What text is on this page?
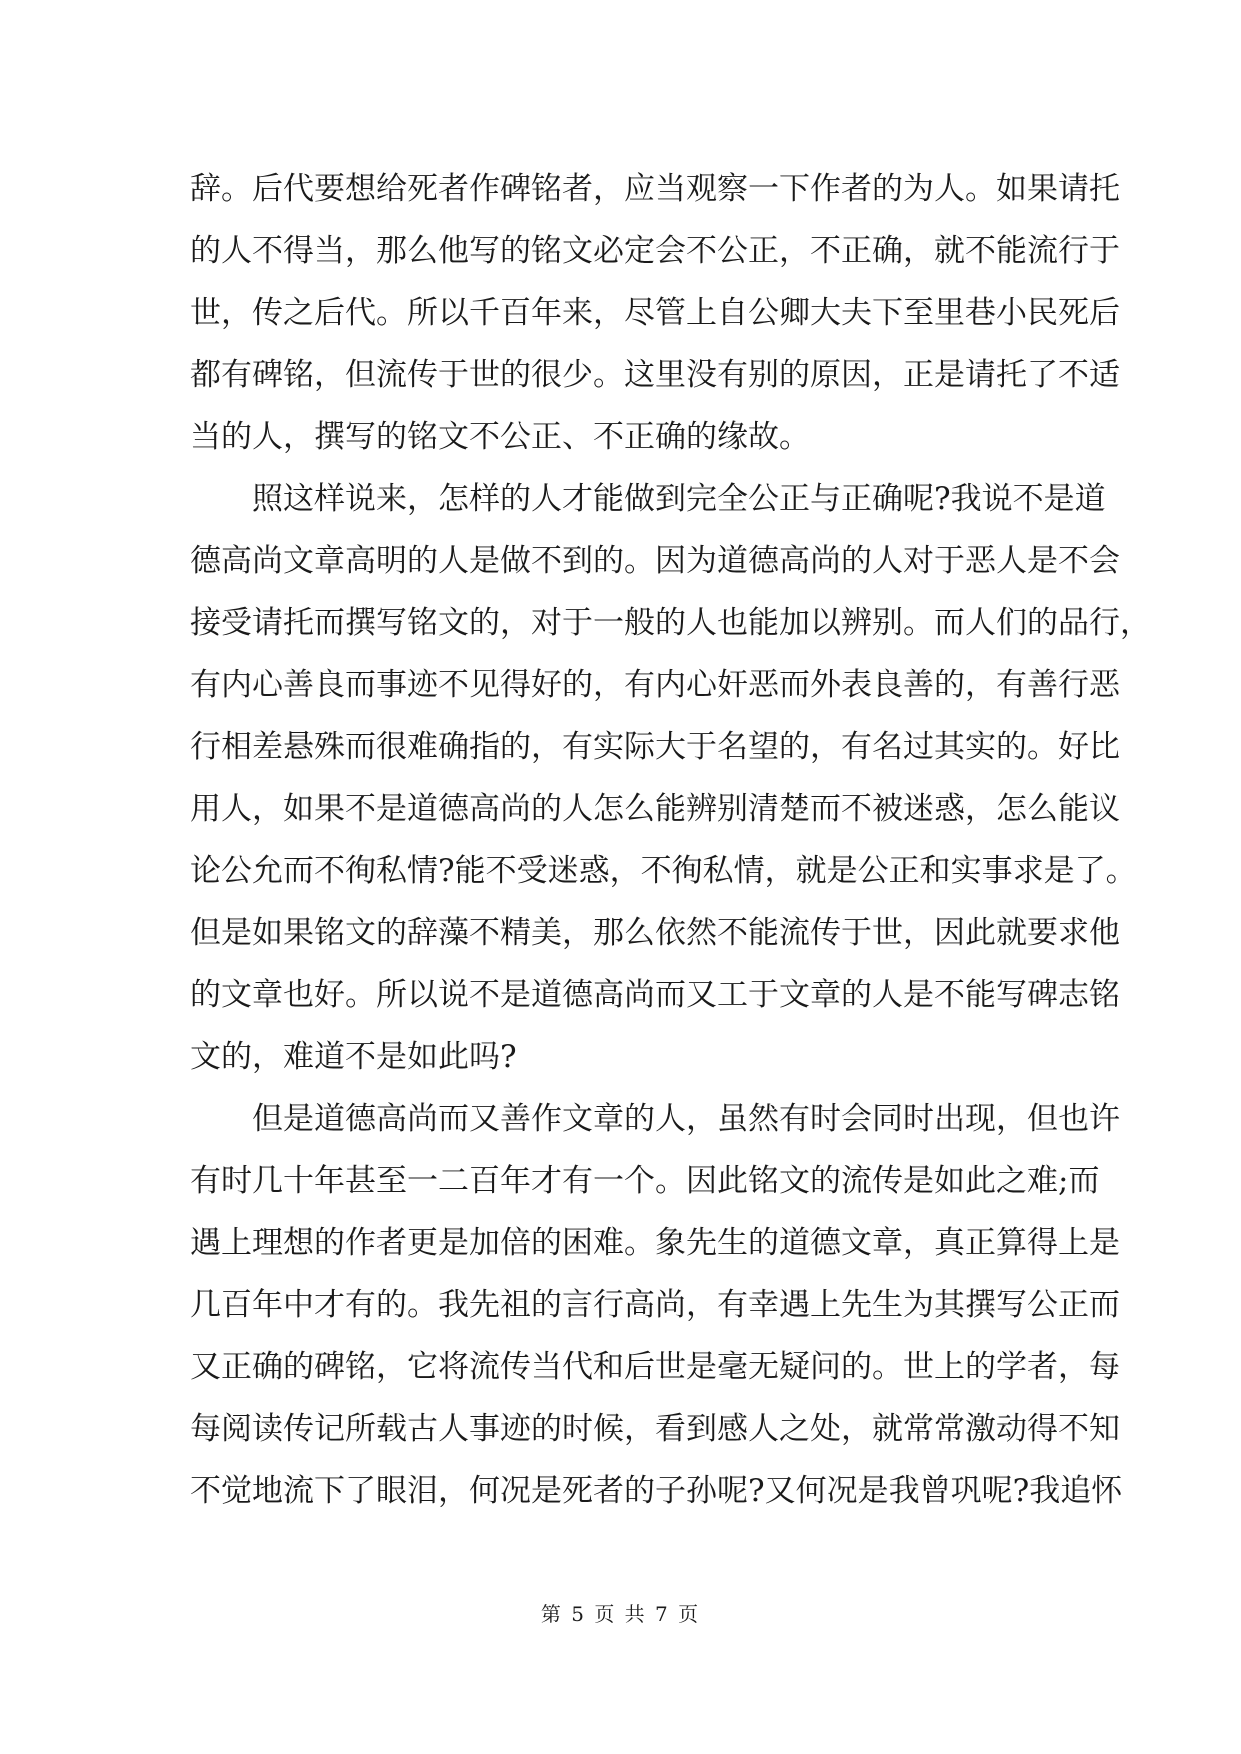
辞。后代要想给死者作碑铭者，应当观察一下作者的为人。如果请托
的人不得当，那么他写的铭文必定会不公正，不正确，就不能流行于
世，传之后代。所以千百年来，尽管上自公卿大夫下至里巷小民死后
都有碑铭，但流传于世的很少。这里没有别的原因，正是请托了不适
当的人，撰写的铭文不公正、不正确的缘故。
照这样说来，怎样的人才能做到完全公正与正确呢?我说不是道
德高尚文章高明的人是做不到的。因为道德高尚的人对于恶人是不会
接受请托而撰写铭文的，对于一般的人也能加以辨别。而人们的品行，
有内心善良而事迹不见得好的，有内心奸恶而外表良善的，有善行恶
行相差悬殊而很难确指的，有实际大于名望的，有名过其实的。好比
用人，如果不是道德高尚的人怎么能辨别清楚而不被迷惑，怎么能议
论公允而不徇私情?能不受迷惑，不徇私情，就是公正和实事求是了。
但是如果铭文的辞藻不精美，那么依然不能流传于世，因此就要求他
的文章也好。所以说不是道德高尚而又工于文章的人是不能写碑志铭
文的，难道不是如此吗?
但是道德高尚而又善作文章的人，虽然有时会同时出现，但也许
有时几十年甚至一二百年才有一个。因此铭文的流传是如此之难;而
遇上理想的作者更是加倍的困难。象先生的道德文章，真正算得上是
几百年中才有的。我先祖的言行高尚，有幸遇上先生为其撰写公正而
又正确的碑铭，它将流传当代和后世是毫无疑问的。世上的学者，每
每阅读传记所载古人事迹的时候，看到感人之处，就常常激动得不知
不觉地流下了眼泪，何况是死者的子孙呢?又何况是我曾巩呢?我追怀
第 5 页 共 7 页
